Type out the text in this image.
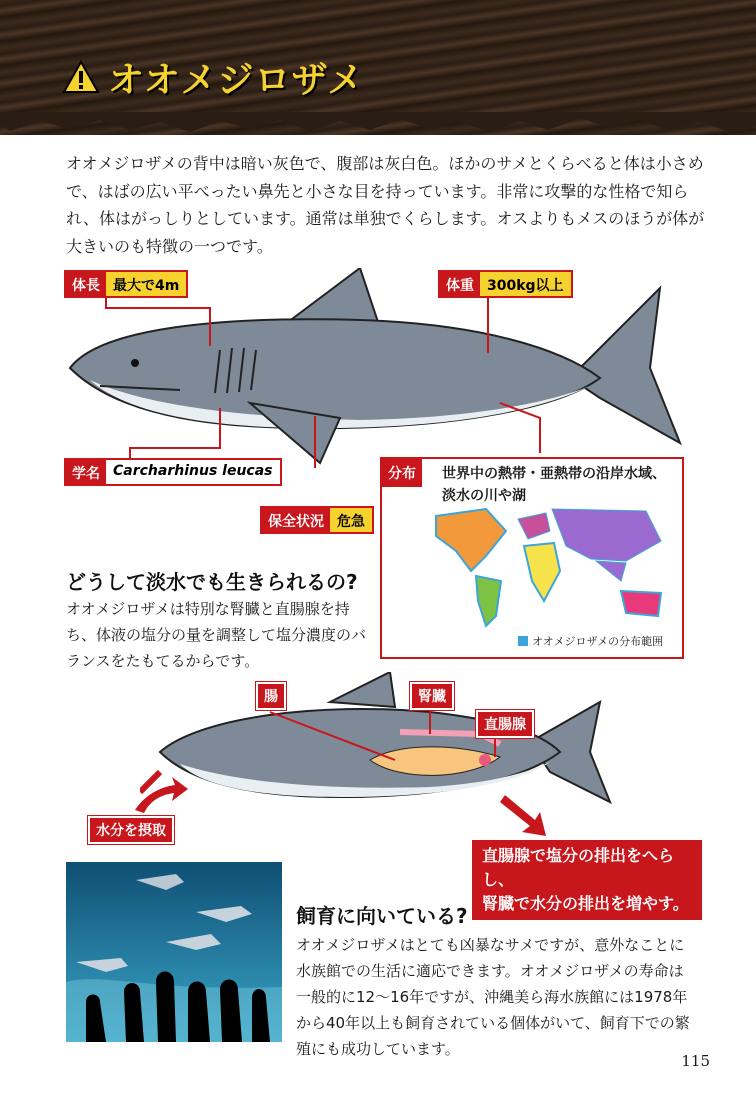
オオメジロザメ
オオメジロザメの背中は暗い灰色で、腹部は灰白色。ほかのサメとくらべると体は小さめで、はばの広い平べったい鼻先と小さな目を持っています。非常に攻撃的な性格で知られ、体はがっしりとしています。通常は単独でくらします。オスよりもメスのほうが体が大きいのも特徴の一つです。
体長 最大で4m	体重 300kg以上
学名 Carcharhinus leucas
保全状況 危急
分布	世界中の熱帯・亜熱帯の沿岸水域、淡水の川や湖
オオメジロザメの分布範囲
どうして淡水でも生きられるの?
オオメジロザメは特別な腎臓と直腸腺を持ち、体液の塩分の量を調整して塩分濃度のバランスをたもてるからです。
腸	腎臓
直腸腺
水分を摂取
直腸腺で塩分の排出をへらし、
腎臓で水分の排出を増やす。
飼育に向いている?
オオメジロザメはとても凶暴なサメですが、意外なことに水族館での生活に適応できます。オオメジロザメの寿命は一般的に12〜16年ですが、沖縄美ら海水族館には1978年から40年以上も飼育されている個体がいて、飼育下での繁殖にも成功しています。
115
